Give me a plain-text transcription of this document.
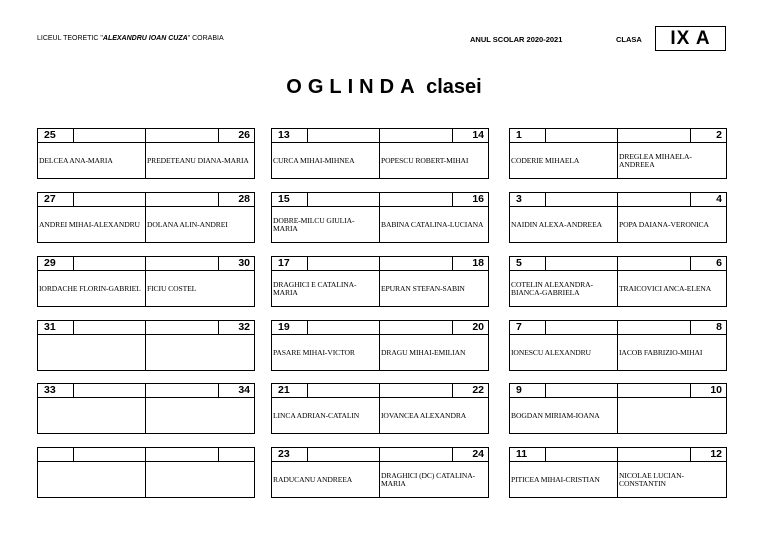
LICEUL TEORETIC "ALEXANDRU IOAN CUZA" CORABIA	ANUL SCOLAR 2020-2021	CLASA	IX A
OGLINDA clasei
25
DELCEA ANA-MARIA
26
PREDETEANU DIANA-MARIA
27
ANDREI MIHAI-ALEXANDRU
28
DOLANA ALIN-ANDREI
29
IORDACHE FLORIN-GABRIEL
30
FICIU COSTEL
31	32
33	34
13
CURCA MIHAI-MIHNEA
14
POPESCU ROBERT-MIHAI
15
DOBRE-MILCU GIULIA-MARIA
16
BABINA CATALINA-LUCIANA
17
DRAGHICI E CATALINA-MARIA
18
EPURAN STEFAN-SABIN
19
PASARE MIHAI-VICTOR
20
DRAGU MIHAI-EMILIAN
21
LINCA ADRIAN-CATALIN
22
IOVANCEA ALEXANDRA
23
RADUCANU ANDREEA
24
DRAGHICI (DC) CATALINA-MARIA
1
CODERIE MIHAELA
2
DREGLEA MIHAELA-ANDREEA
3
NAIDIN ALEXA-ANDREEA
4
POPA DAIANA-VERONICA
5
COTELIN ALEXANDRA-BIANCA-GABRIELA
6
TRAICOVICI ANCA-ELENA
7
IONESCU ALEXANDRU
8
IACOB FABRIZIO-MIHAI
9
BOGDAN MIRIAM-IOANA
10
11
PITICEA MIHAI-CRISTIAN
12
NICOLAE LUCIAN-CONSTANTIN
